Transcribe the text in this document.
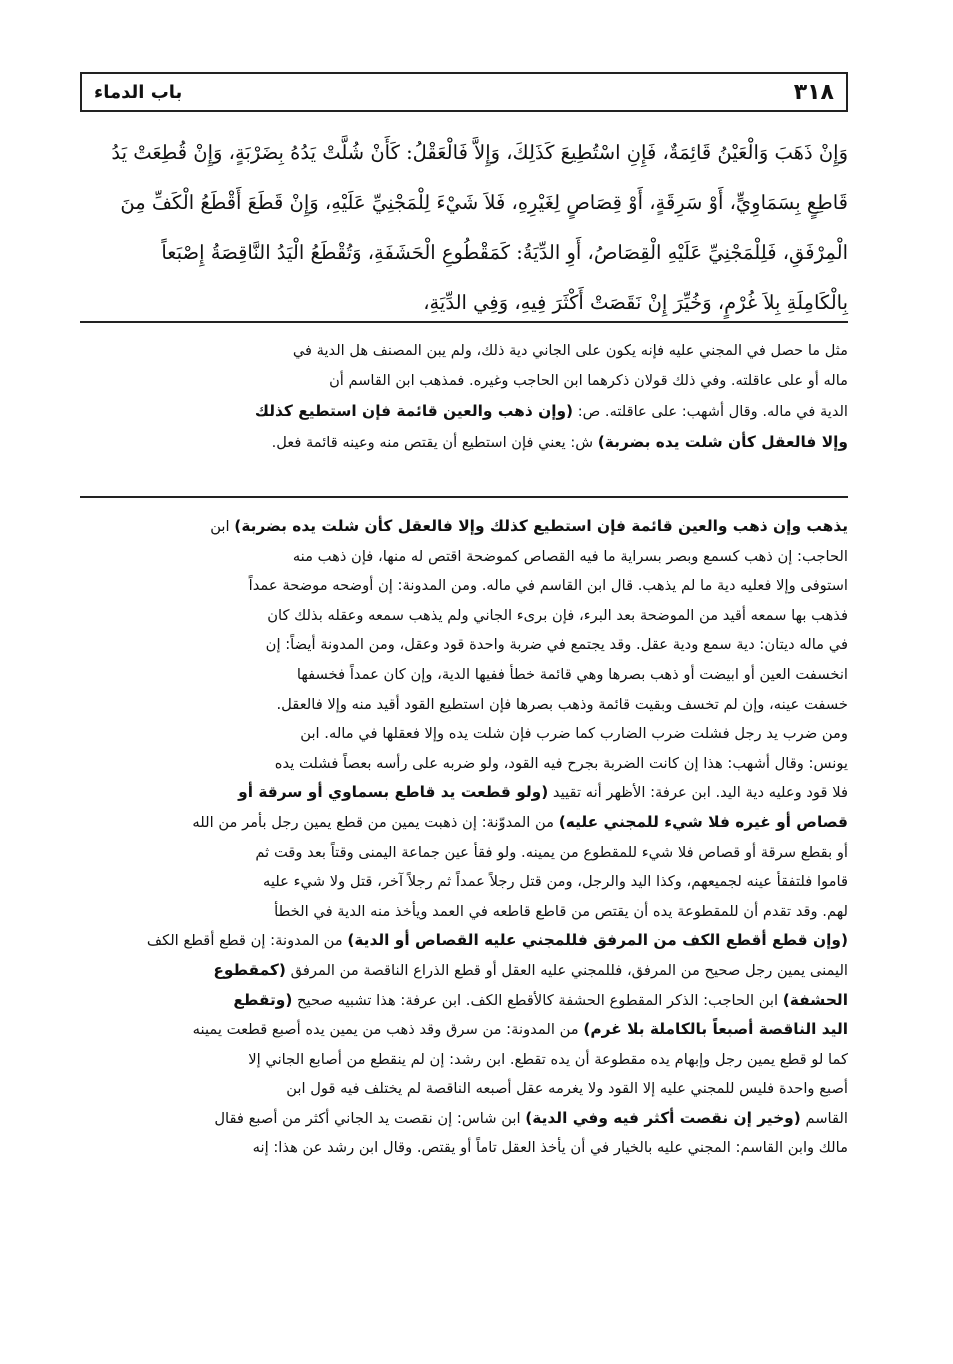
٣١٨
باب الدماء

وَإِنْ ذَهَبَ وَالْعَيْنُ قَائِمَةٌ، فَإِنِ اسْتُطِيعَ كَذَلِكَ، وَإِلاَّ فَالْعَقْلُ: كَأَنْ شُلَّتْ يَدُهُ بِضَرْبَةٍ، وَإِنْ قُطِعَتْ يَدُ

قَاطِعٍ بِسَمَاوِيٍّ، أَوْ سَرِقَةٍ، أَوْ قِصَاصٍ لِغَيْرِهِ، فَلاَ شَيْءَ لِلْمَجْنِيِّ عَلَيْهِ، وَإِنْ قَطَعَ أَقْطَعُ الْكَفِّ مِنَ

الْمِرْفَقِ، فَلِلْمَجْنِيِّ عَلَيْهِ الْقِصَاصُ، أَوِ الدِّيَةُ: كَمَقْطُوعِ الْحَشَفَةِ، وَتُقْطَعُ الْيَدُ النَّاقِصَةُ إِصْبَعاً

بِالْكَامِلَةِ بِلاَ غُرْمٍ، وَخُيِّرَ إِنْ نَقَصَتْ أَكْثَرَ فِيهِ، وَفِي الدِّيَةِ،

مثل ما حصل في المجني عليه فإنه يكون على الجاني دية ذلك، ولم يبن المصنف هل الدية في

ماله أو على عاقلته. وفي ذلك قولان ذكرهما ابن الحاجب وغيره. فمذهب ابن القاسم أن

الدية في ماله. وقال أشهب: على عاقلته. ص: (وإن ذهب والعين قائمة فإن استطيع كذلك

وإلا فالعقل كأن شلت يده بضربة) ش: يعني فإن استطيع أن يقتص منه وعينه قائمة فعل.

يذهب وإن ذهب والعين قائمة فإن استطيع كذلك وإلا فالعقل كأن شلت يده بضربة) ابن

الحاجب: إن ذهب كسمع وبصر بسراية ما فيه القصاص كموضحة اقتص له منها، فإن ذهب منه

استوفى وإلا فعليه دية ما لم يذهب. قال ابن القاسم في ماله. ومن المدونة: إن أوضحه موضحة عمداً

فذهب بها سمعه أقيد من الموضحة بعد البرء، فإن برىء الجاني ولم يذهب سمعه وعقله بذلك كان

في ماله ديتان: دية سمع ودية عقل. وقد يجتمع في ضربة واحدة قود وعقل، ومن المدونة أيضاً: إن

انخسفت العين أو ابيضت أو ذهب بصرها وهي قائمة خطأ ففيها الدية، وإن كان عمداً فخسفها

خسفت عينه، وإن لم تخسف وبقيت قائمة وذهب بصرها فإن استطيع القود أقيد منه وإلا فالعقل.

ومن ضرب يد رجل فشلت ضرب الضارب كما ضرب فإن شلت يده وإلا فعقلها في ماله. ابن

يونس: وقال أشهب: هذا إن كانت الضربة بجرح فيه القود، ولو ضربه على رأسه بعصاً فشلت يده

فلا قود وعليه دية اليد. ابن عرفة: الأظهر أنه تقييد (ولو قطعت يد قاطع بسماوي أو سرقة أو

قصاص أو غيره فلا شيء للمجني عليه) من المدوّنة: إن ذهبت يمين من قطع يمين رجل بأمر من الله

أو بقطع سرقة أو قصاص فلا شيء للمقطوع من يمينه. ولو فقأ عين جماعة اليمنى وقتاً بعد وقت ثم

قاموا فلتفقأ عينه لجميعهم، وكذا اليد والرجل، ومن قتل رجلاً عمداً ثم رجلاً آخر، قتل ولا شيء عليه

لهم. وقد تقدم أن للمقطوعة يده أن يقتص من قاطع قاطعه في العمد ويأخذ منه الدية في الخطأ

(وإن قطع أقطع الكف من المرفق فللمجني عليه القصاص أو الدية) من المدونة: إن قطع أقطع الكف

اليمنى يمين رجل صحيح من المرفق، فللمجني عليه العقل أو قطع الذراع الناقصة من المرفق (كمقطوع

الحشفة) ابن الحاجب: الذكر المقطوع الحشفة كالأقطع الكف. ابن عرفة: هذا تشبيه صحيح (وتقطع

اليد الناقصة أصبعاً بالكاملة بلا غرم) من المدونة: من سرق وقد ذهب من يمين يده أصبع قطعت يمينه

كما لو قطع يمين رجل وإبهام يده مقطوعة أن يده تقطع. ابن رشد: إن لم ينقطع من أصابع الجاني إلا

أصبع واحدة فليس للمجني عليه إلا القود ولا يغرمه عقل أصبعه الناقصة لم يختلف فيه قول ابن

القاسم (وخير إن نقصت أكثر فيه وفي الدية) ابن شاس: إن نقصت يد الجاني أكثر من أصبع فقال

مالك وابن القاسم: المجني عليه بالخيار في أن يأخذ العقل تاماً أو يقتص. وقال ابن رشد عن هذا: إنه
